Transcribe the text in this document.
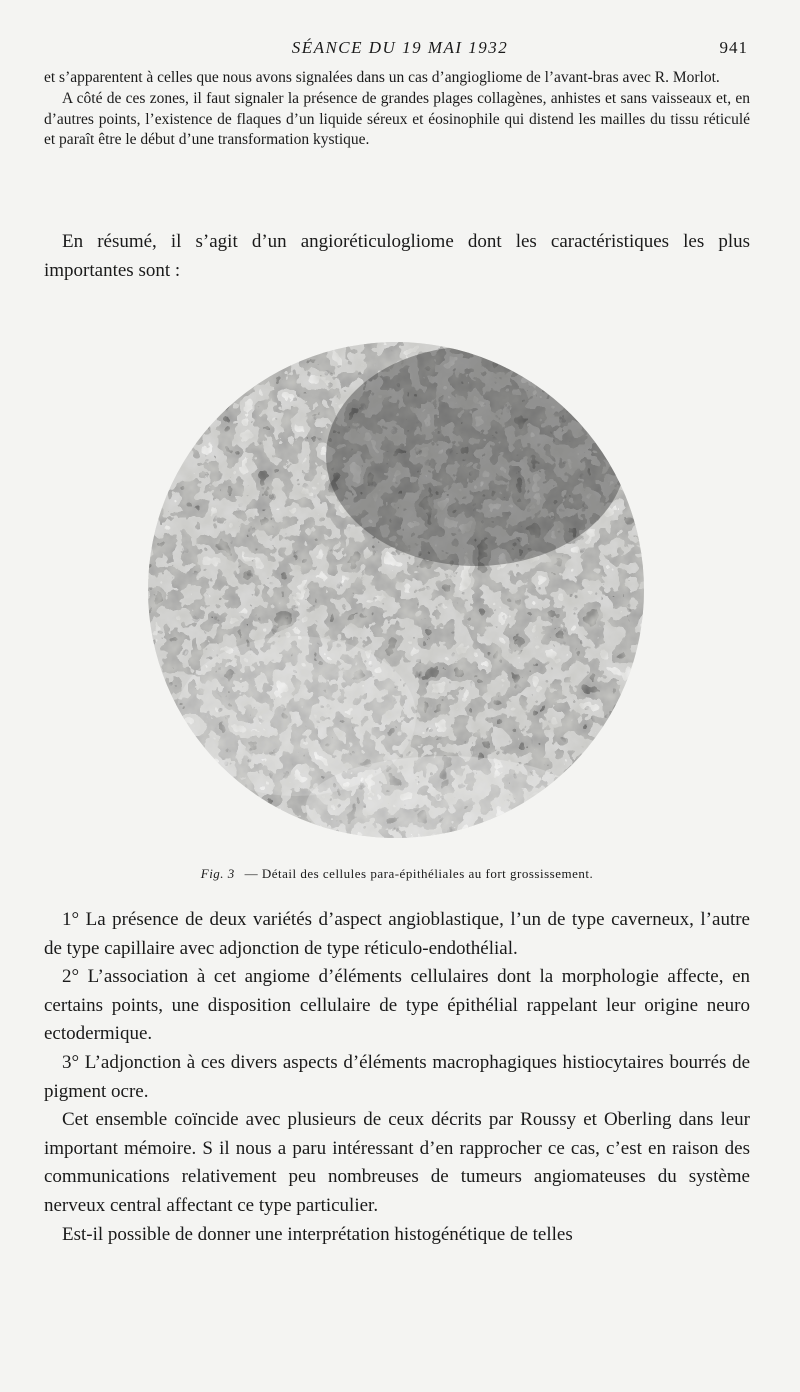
SÉANCE DU 19 MAI 1932	941

et s’apparentent à celles que nous avons signalées dans un cas d’angiogliome de l’avant-bras avec R. Morlot.

A côté de ces zones, il faut signaler la présence de grandes plages collagènes, anhistes et sans vaisseaux et, en d’autres points, l’existence de flaques d’un liquide séreux et éosinophile qui distend les mailles du tissu réticulé et paraît être le début d’une transformation kystique.

En résumé, il s’agit d’un angioréticulogliome dont les caractéristiques les plus importantes sont :

Fig. 3 — Détail des cellules para-épithéliales au fort grossissement.

1° La présence de deux variétés d’aspect angioblastique, l’un de type caverneux, l’autre de type capillaire avec adjonction de type réticulo-endothélial.

2° L’association à cet angiome d’éléments cellulaires dont la morphologie affecte, en certains points, une disposition cellulaire de type épithélial rappelant leur origine neuro ectodermique.

3° L’adjonction à ces divers aspects d’éléments macrophagiques histiocytaires bourrés de pigment ocre.

Cet ensemble coïncide avec plusieurs de ceux décrits par Roussy et Oberling dans leur important mémoire. S il nous a paru intéressant d’en rapprocher ce cas, c’est en raison des communications relativement peu nombreuses de tumeurs angiomateuses du système nerveux central affectant ce type particulier.

Est-il possible de donner une interprétation histogénétique de telles
